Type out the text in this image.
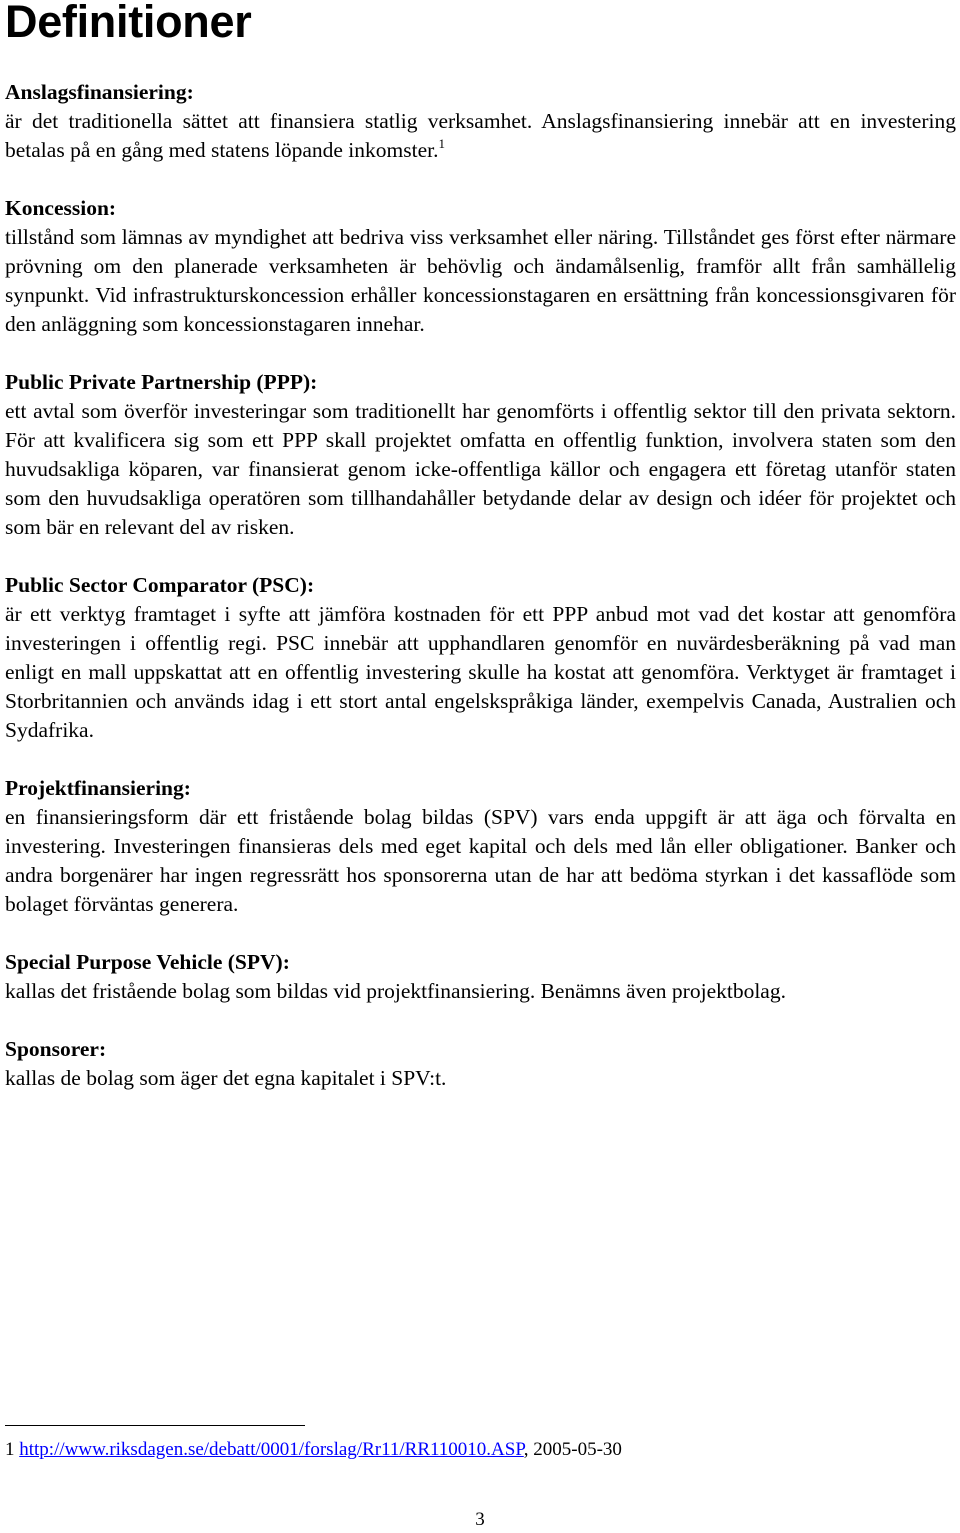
Definitioner

Anslagsfinansiering:

är det traditionella sättet att finansiera statlig verksamhet. Anslagsfinansiering innebär att en investering betalas på en gång med statens löpande inkomster.$^1$

Koncession:

tillstånd som lämnas av myndighet att bedriva viss verksamhet eller näring. Tillståndet ges först efter närmare prövning om den planerade verksamheten är behövlig och ändamålsenlig, framför allt från samhällelig synpunkt. Vid infrastrukturskoncession erhåller koncessionstagaren en ersättning från koncessionsgivaren för den anläggning som koncessionstagaren innehar.

Public Private Partnership (PPP):

ett avtal som överför investeringar som traditionellt har genomförts i offentlig sektor till den privata sektorn. För att kvalificera sig som ett PPP skall projektet omfatta en offentlig funktion, involvera staten som den huvudsakliga köparen, var finansierat genom icke-offentliga källor och engagera ett företag utanför staten som den huvudsakliga operatören som tillhandahåller betydande delar av design och idéer för projektet och som bär en relevant del av risken.

Public Sector Comparator (PSC):

är ett verktyg framtaget i syfte att jämföra kostnaden för ett PPP anbud mot vad det kostar att genomföra investeringen i offentlig regi. PSC innebär att upphandlaren genomför en nuvärdesberäkning på vad man enligt en mall uppskattat att en offentlig investering skulle ha kostat att genomföra. Verktyget är framtaget i Storbritannien och används idag i ett stort antal engelskspråkiga länder, exempelvis Canada, Australien och Sydafrika.

Projektfinansiering:

en finansieringsform där ett fristående bolag bildas (SPV) vars enda uppgift är att äga och förvalta en investering. Investeringen finansieras dels med eget kapital och dels med lån eller obligationer. Banker och andra borgenärer har ingen regressrätt hos sponsorerna utan de har att bedöma styrkan i det kassaflöde som bolaget förväntas generera.

Special Purpose Vehicle (SPV):

kallas det fristående bolag som bildas vid projektfinansiering. Benämns även projektbolag.

Sponsorer:

kallas de bolag som äger det egna kapitalet i SPV:t.

1 http://www.riksdagen.se/debatt/0001/forslag/Rr11/RR110010.ASP, 2005-05-30

3
